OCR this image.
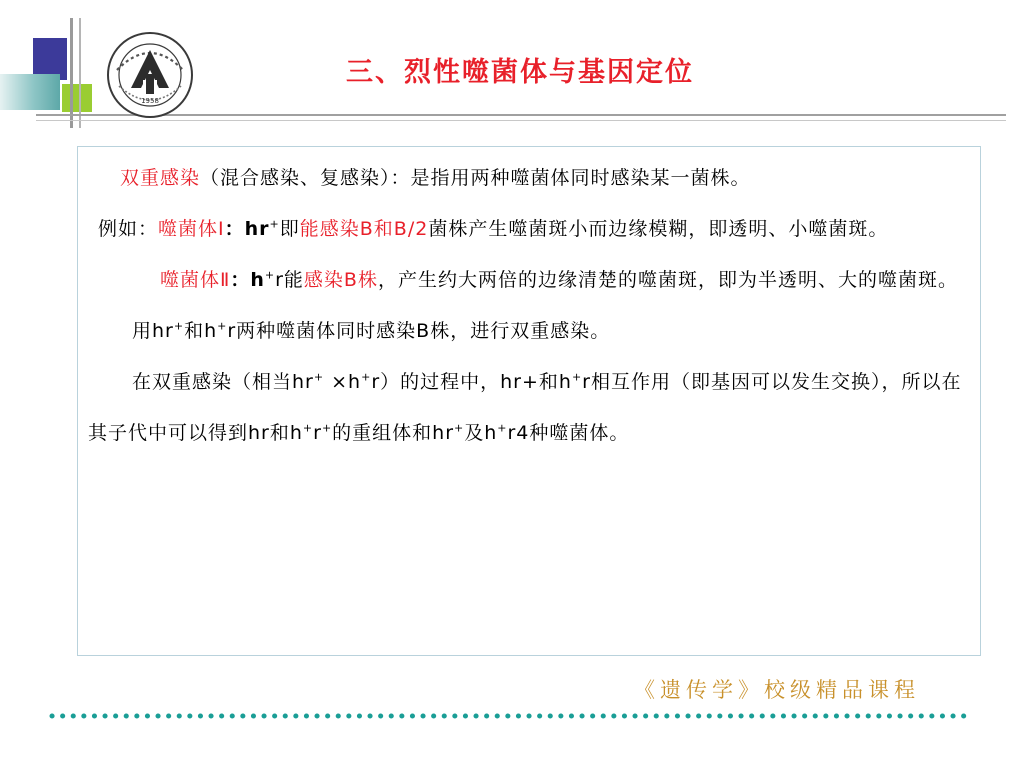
1958
三、烈性噬菌体与基因定位

双重感染（混合感染、复感染）：是指用两种噬菌体同时感染某一菌株。

例如：噬菌体Ⅰ：hr+即能感染B和B/2菌株产生噬菌斑小而边缘模糊，即透明、小噬菌斑。

噬菌体Ⅱ：h+r能感染B株，产生约大两倍的边缘清楚的噬菌斑，即为半透明、大的噬菌斑。

用hr+和h+r两种噬菌体同时感染B株，进行双重感染。

在双重感染（相当hr+ ×h+r）的过程中，hr+和h+r相互作用（即基因可以发生交换），所以在其子代中可以得到hr和h+r+的重组体和hr+及h+r4种噬菌体。

《遗传学》校级精品课程
